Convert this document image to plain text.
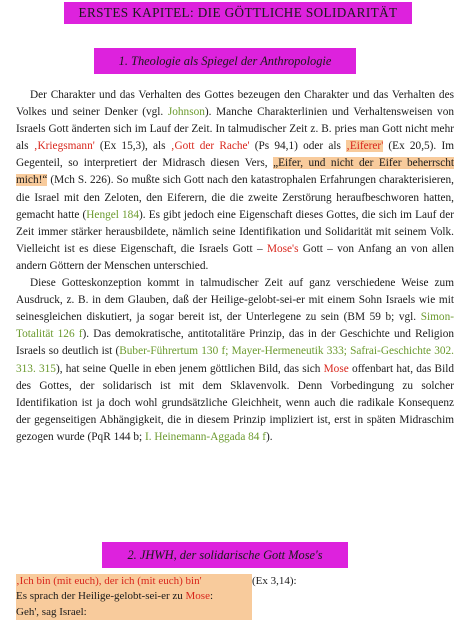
ERSTES KAPITEL: DIE GÖTTLICHE SOLIDARITÄT
1. Theologie als Spiegel der Anthropologie

Der Charakter und das Verhalten des Gottes bezeugen den Charakter und das Verhalten des Volkes und seiner Denker (vgl. Johnson). Manche Charakterlinien und Verhaltensweisen von Israels Gott änderten sich im Lauf der Zeit. In talmudischer Zeit z. B. pries man Gott nicht mehr als ‚Kriegsmann' (Ex 15,3), als ‚Gott der Rache' (Ps 94,1) oder als ‚Eiferer' (Ex 20,5). Im Gegenteil, so interpretiert der Midrasch diesen Vers, „Eifer, und nicht der Eifer beherrscht mich!“ (Mch S. 226). So mußte sich Gott nach den katastrophalen Erfahrungen charakterisieren, die Israel mit den Zeloten, den Eiferern, die die zweite Zerstörung heraufbeschworen hatten, gemacht hatte (Hengel 184). Es gibt jedoch eine Eigenschaft dieses Gottes, die sich im Lauf der Zeit immer stärker herausbildete, nämlich seine Identifikation und Solidarität mit seinem Volk. Vielleicht ist es diese Eigenschaft, die Israels Gott – Mose's Gott – von Anfang an von allen andern Göttern der Menschen unterschied.

Diese Gotteskonzeption kommt in talmudischer Zeit auf ganz verschiedene Weise zum Ausdruck, z. B. in dem Glauben, daß der Heilige-gelobt-sei-er mit einem Sohn Israels wie mit seinesgleichen diskutiert, ja sogar bereit ist, der Unterlegene zu sein (BM 59 b; vgl. Simon-Totalität 126 f). Das demokratische, antitotalitäre Prinzip, das in der Geschichte und Religion Israels so deutlich ist (Buber-Führertum 130 f; Mayer-Hermeneutik 333; Safrai-Geschichte 302. 313. 315), hat seine Quelle in eben jenem göttlichen Bild, das sich Mose offenbart hat, das Bild des Gottes, der solidarisch ist mit dem Sklavenvolk. Denn Vorbedingung zu solcher Identifikation ist ja doch wohl grundsätzliche Gleichheit, wenn auch die radikale Konsequenz der gegenseitigen Abhängigkeit, die in diesem Prinzip impliziert ist, erst in späten Midraschim gezogen wurde (PqR 144 b; I. Heinemann-Aggada 84 f).

2. JHWH, der solidarische Gott Mose's
‚Ich bin (mit euch), der ich (mit euch) bin'
Es sprach der Heilige-gelobt-sei-er zu Mose:
Geh', sag Israel:
(Ex 3,14):
